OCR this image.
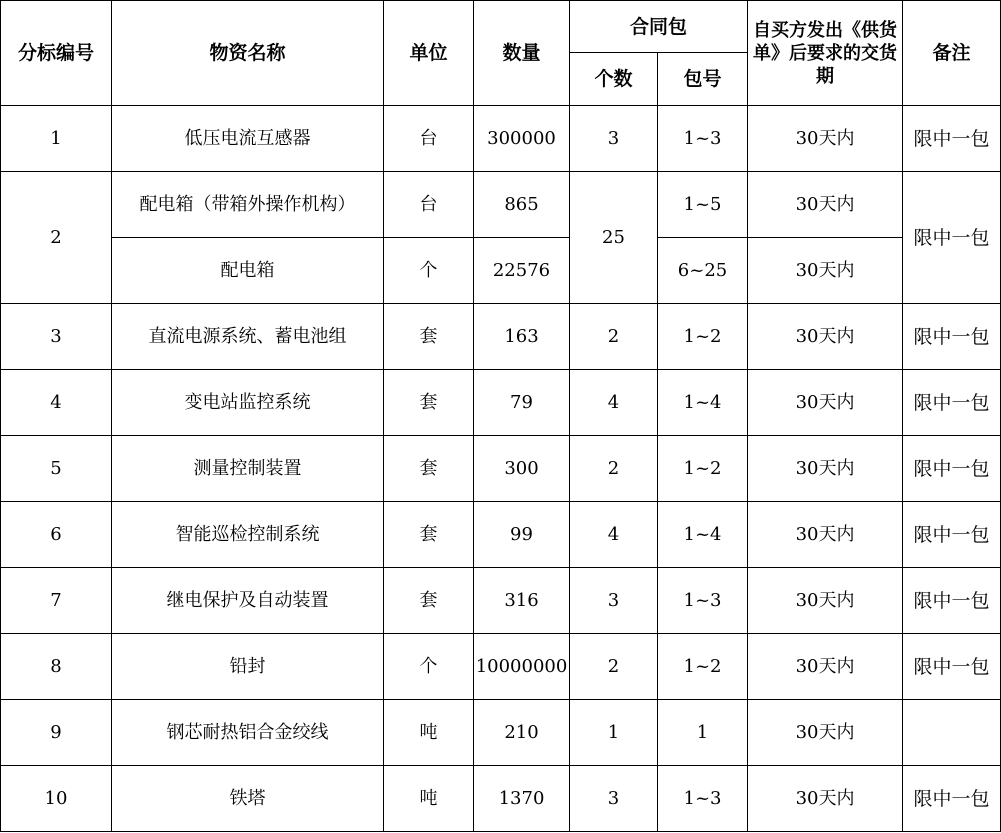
分标编号	物资名称	单位	数量	合同包		自买方发出《供货单》后要求的交货期	备注
				个数	包号		
1	低压电流互感器	台	300000	3	1~3	30天内	限中一包
2	配电箱（带箱外操作机构）	台	865	25	1~5	30天内	限中一包
	配电箱	个	22576		6~25	30天内	
3	直流电源系统、蓄电池组	套	163	2	1~2	30天内	限中一包
4	变电站监控系统	套	79	4	1~4	30天内	限中一包
5	测量控制装置	套	300	2	1~2	30天内	限中一包
6	智能巡检控制系统	套	99	4	1~4	30天内	限中一包
7	继电保护及自动装置	套	316	3	1~3	30天内	限中一包
8	铅封	个	10000000	2	1~2	30天内	限中一包
9	钢芯耐热铝合金绞线	吨	210	1	1	30天内	
10	铁塔	吨	1370	3	1~3	30天内	限中一包
